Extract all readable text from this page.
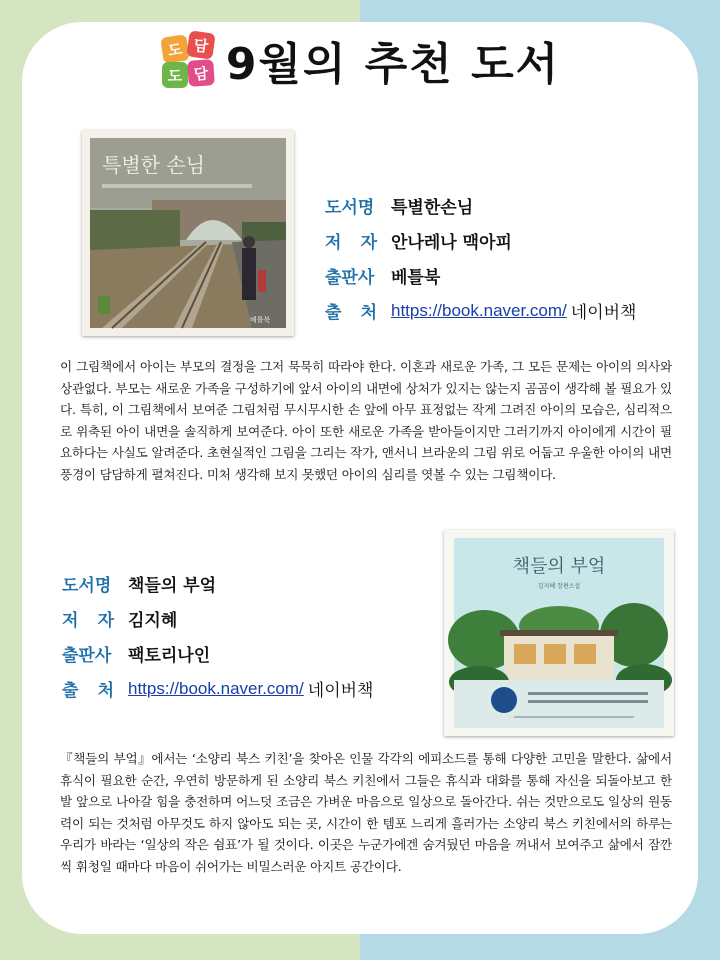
도 담
도 담 9월의 추천 도서
특별한 손님
베틀북
도서명 특별한손님
저 자 안나레나 맥아피
출판사 베틀북
출 처 https://book.naver.com/ 네이버책

이 그림책에서 아이는 부모의 결정을 그저 묵묵히 따라야 한다. 이혼과 새로운 가족, 그 모든 문제는 아이의 의사와 상관없다. 부모는 새로운 가족을 구성하기에 앞서 아이의 내면에 상처가 있지는 않는지 곰곰이 생각해 볼 필요가 있다. 특히, 이 그림책에서 보여준 그림처럼 무시무시한 손 앞에 아무 표정없는 작게 그려진 아이의 모습은, 심리적으로 위축된 아이 내면을 솔직하게 보여준다. 아이 또한 새로운 가족을 받아들이지만 그러기까지 아이에게 시간이 필요하다는 사실도 알려준다. 초현실적인 그림을 그리는 작가, 앤서니 브라운의 그림 위로 어둡고 우울한 아이의 내면 풍경이 담담하게 펼쳐진다. 미처 생각해 보지 못했던 아이의 심리를 엿볼 수 있는 그림책이다.

도서명 책들의 부엌
저 자 김지혜
출판사 팩토리나인
출 처 https://book.naver.com/ 네이버책
책들의 부엌
김지혜 장편소설

『책들의 부엌』에서는 ‘소양리 북스 키친’을 찾아온 인물 각각의 에피소드를 통해 다양한 고민을 말한다. 삶에서 휴식이 필요한 순간, 우연히 방문하게 된 소양리 북스 키친에서 그들은 휴식과 대화를 통해 자신을 되돌아보고 한 발 앞으로 나아갈 힘을 충전하며 어느덧 조금은 가벼운 마음으로 일상으로 돌아간다. 쉬는 것만으로도 일상의 원동력이 되는 것처럼 아무것도 하지 않아도 되는 곳, 시간이 한 템포 느리게 흘러가는 소양리 북스 키친에서의 하루는 우리가 바라는 ‘일상의 작은 쉼표’가 될 것이다. 이곳은 누군가에겐 숨겨뒀던 마음을 꺼내서 보여주고 삶에서 잠깐씩 휘청일 때마다 마음이 쉬어가는 비밀스러운 아지트 공간이다.
